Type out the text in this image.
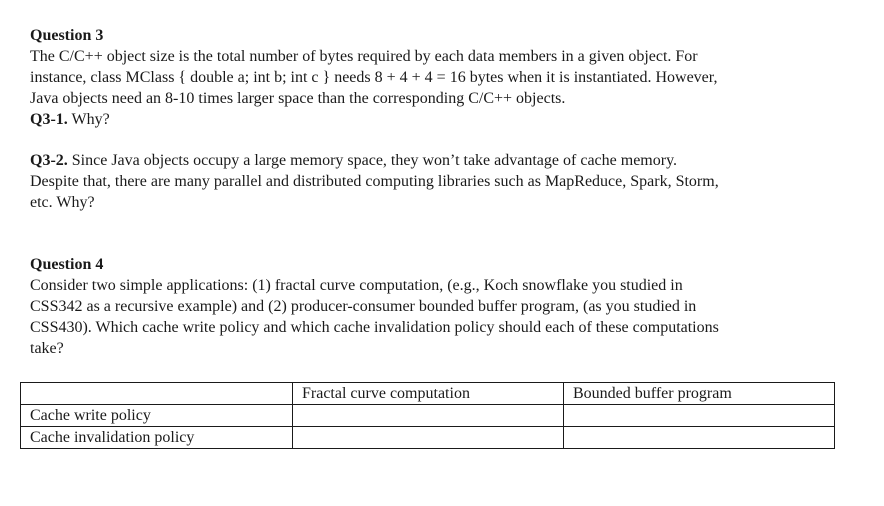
Question 3

The C/C++ object size is the total number of bytes required by each data members in a given object. For

instance, class MClass { double a; int b; int c } needs 8 + 4 + 4 = 16 bytes when it is instantiated. However,

Java objects need an 8-10 times larger space than the corresponding C/C++ objects.

Q3-1. Why?

Q3-2. Since Java objects occupy a large memory space, they won’t take advantage of cache memory.

Despite that, there are many parallel and distributed computing libraries such as MapReduce, Spark, Storm,

etc. Why?

Question 4

Consider two simple applications: (1) fractal curve computation, (e.g., Koch snowflake you studied in

CSS342 as a recursive example) and (2) producer-consumer bounded buffer program, (as you studied in

CSS430). Which cache write policy and which cache invalidation policy should each of these computations

take?

	Fractal curve computation	Bounded buffer program
Cache write policy		
Cache invalidation policy		
